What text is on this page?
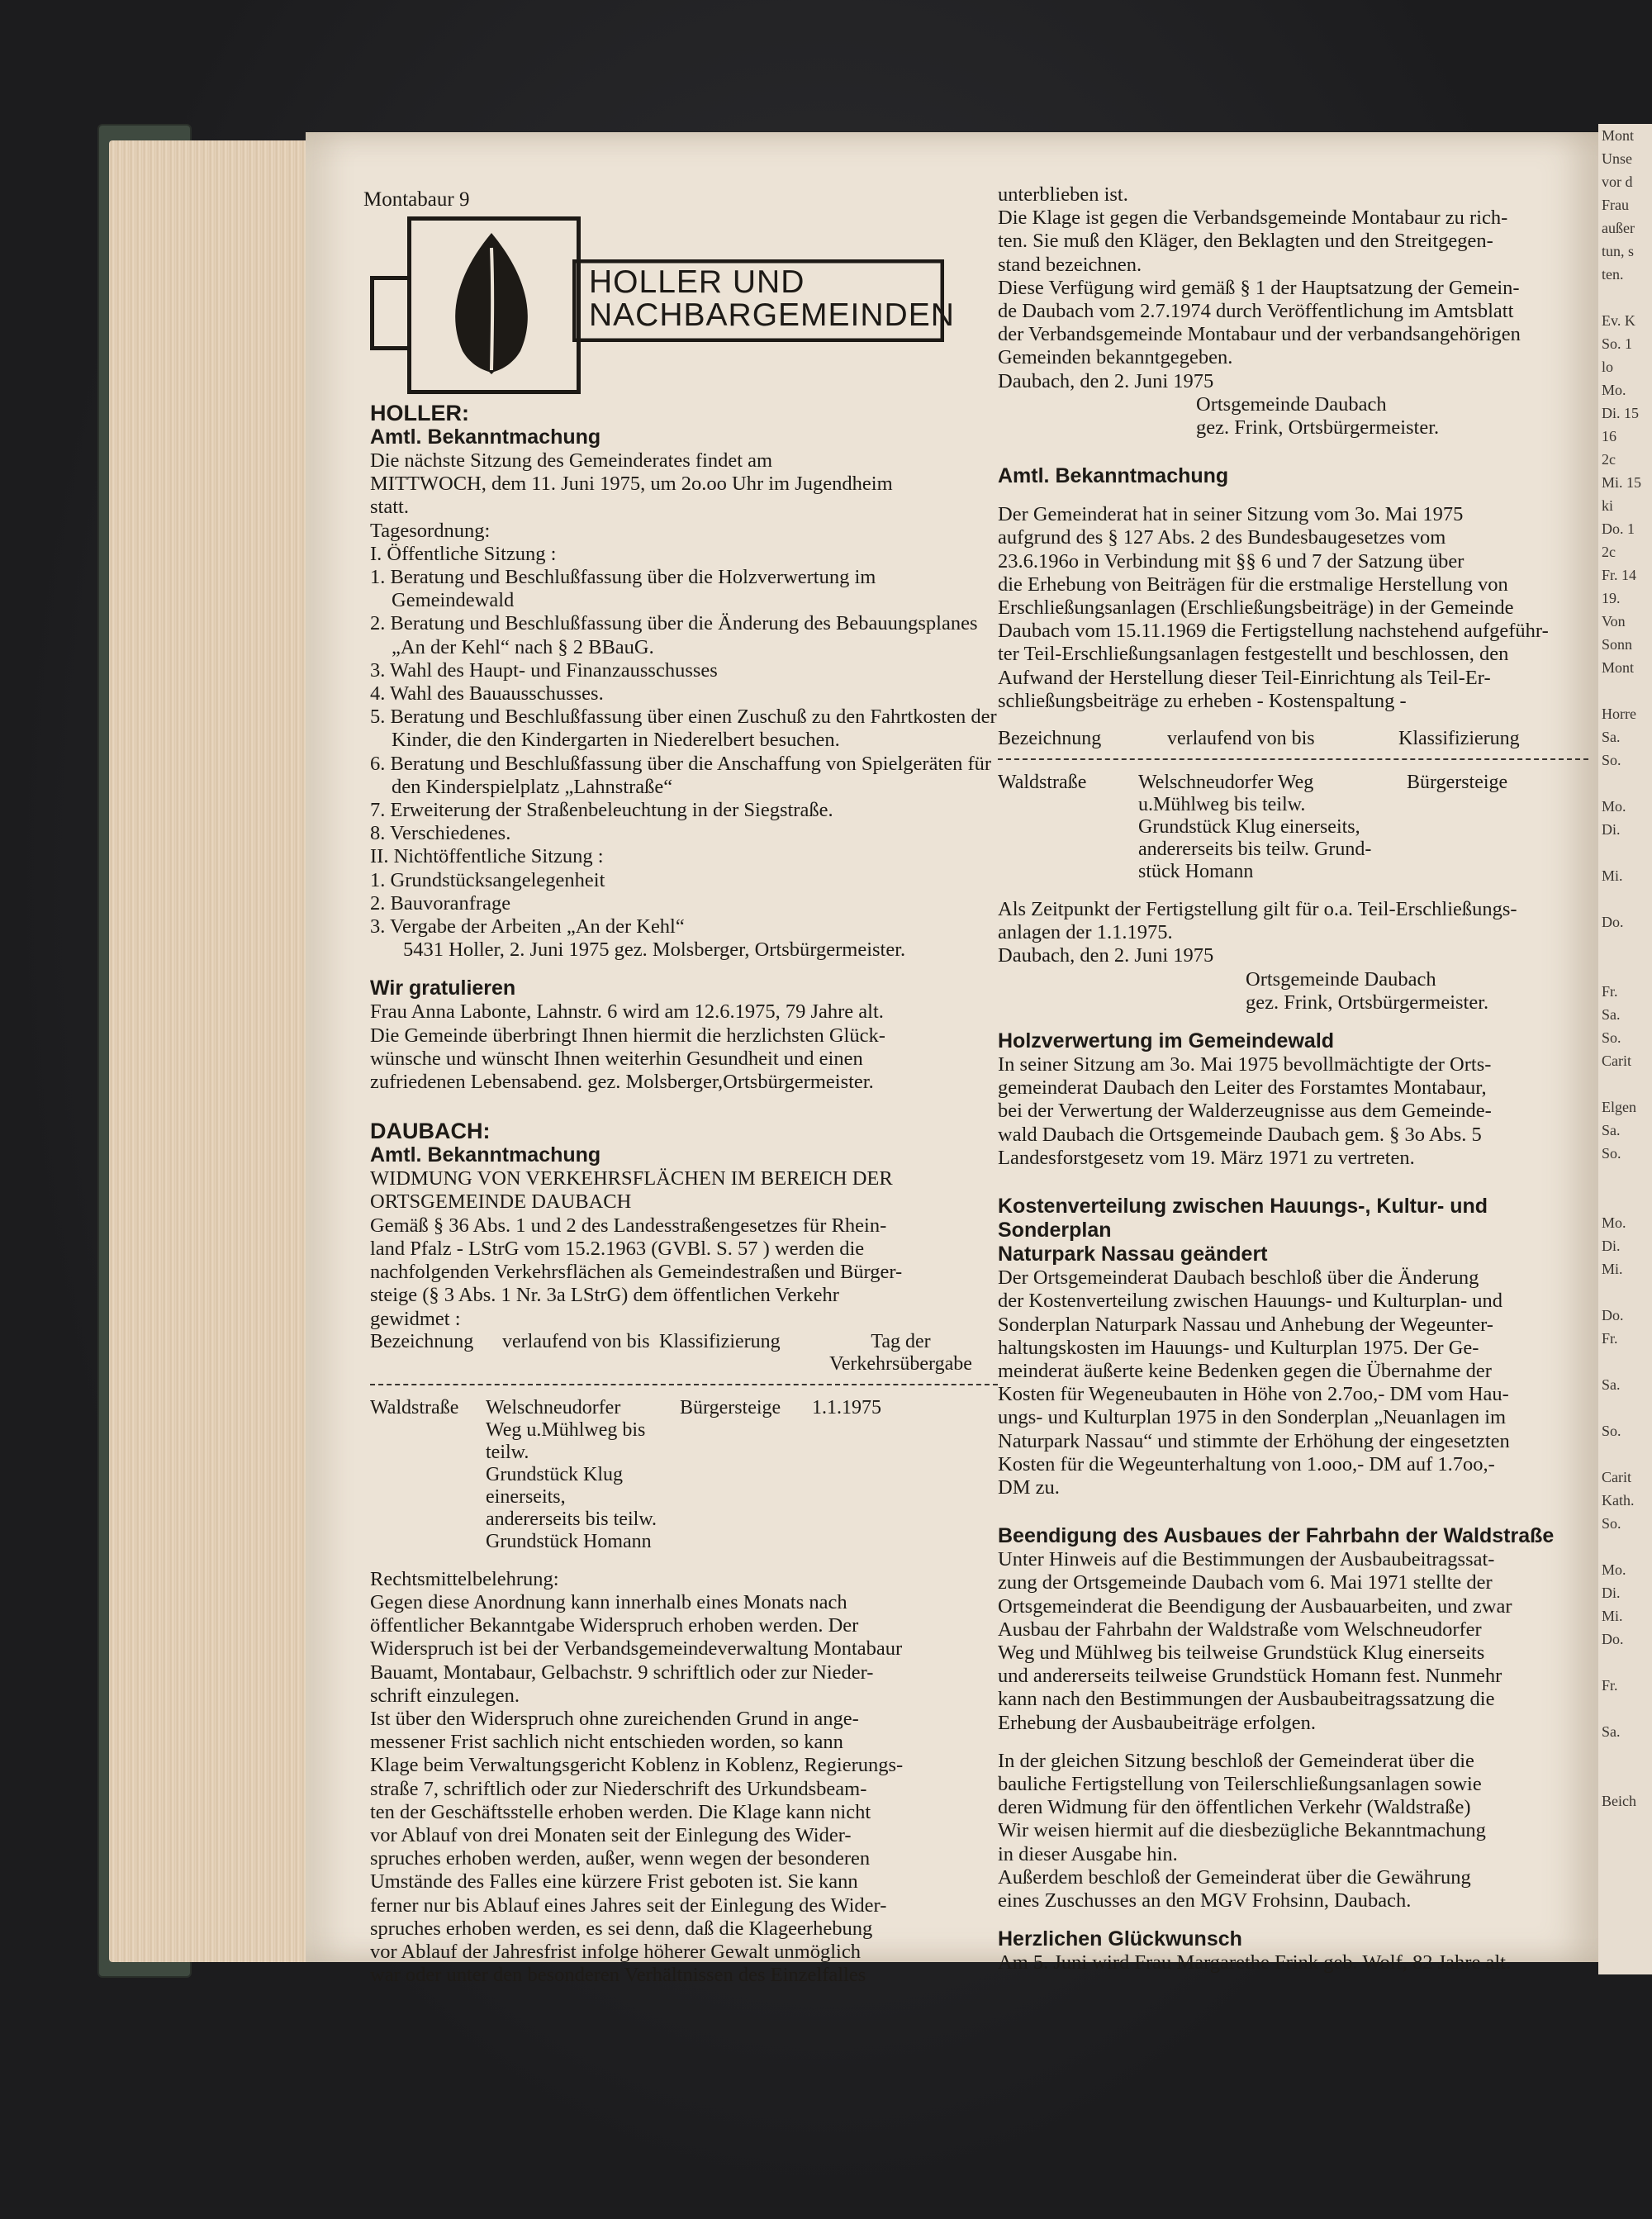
Mont
Unse
vor d
Frau
außer
tun, s
ten.

Ev. K
So. 1
lo
Mo.
Di. 15
16
2c
Mi. 15
ki
Do. 1
2c
Fr. 14
19.
Von
Sonn
Mont

Horre
Sa.
So.

Mo.
Di.

Mi.

Do.

Fr.
Sa.
So.
Carit

Elgen
Sa.
So.

Mo.
Di.
Mi.

Do.
Fr.

Sa.

So.

Carit
Kath.
So.

Mo.
Di.
Mi.
Do.

Fr.

Sa.

Beich
Montabaur 9
HOLLER UND
NACHBARGEMEINDEN

HOLLER:

Amtl. Bekanntmachung

Die nächste Sitzung des Gemeinderates findet am
MITTWOCH, dem 11. Juni 1975, um 2o.oo Uhr im Jugendheim
statt.

Tagesordnung:

I. Öffentliche Sitzung :

1. Beratung und Beschlußfassung über die Holzverwertung im Gemeindewald
2. Beratung und Beschlußfassung über die Änderung des Bebauungsplanes „An der Kehl“ nach § 2 BBauG.
3. Wahl des Haupt- und Finanzausschusses
4. Wahl des Bauausschusses.
5. Beratung und Beschlußfassung über einen Zuschuß zu den Fahrtkosten der Kinder, die den Kindergarten in Niederelbert besuchen.
6. Beratung und Beschlußfassung über die Anschaffung von Spielgeräten für den Kinderspielplatz „Lahnstraße“
7. Erweiterung der Straßenbeleuchtung in der Siegstraße.
8. Verschiedenes.

II. Nichtöffentliche Sitzung :

1. Grundstücksangelegenheit
2. Bauvoranfrage
3. Vergabe der Arbeiten „An der Kehl“

5431 Holler, 2. Juni 1975 gez. Molsberger, Ortsbürgermeister.

Wir gratulieren

Frau Anna Labonte, Lahnstr. 6 wird am 12.6.1975, 79 Jahre alt.
Die Gemeinde überbringt Ihnen hiermit die herzlichsten Glück-
wünsche und wünscht Ihnen weiterhin Gesundheit und einen
zufriedenen Lebensabend. gez. Molsberger,Ortsbürgermeister.

DAUBACH:

Amtl. Bekanntmachung

WIDMUNG VON VERKEHRSFLÄCHEN IM BEREICH DER
ORTSGEMEINDE DAUBACH
Gemäß § 36 Abs. 1 und 2 des Landesstraßengesetzes für Rhein-
land Pfalz - LStrG vom 15.2.1963 (GVBl. S. 57 ) werden die
nachfolgenden Verkehrsflächen als Gemeindestraßen und Bürger-
steige (§ 3 Abs. 1 Nr. 3a LStrG) dem öffentlichen Verkehr
gewidmet :
Bezeichnung	verlaufend von bis	Klassifizierung	Tag der Verkehrsübergabe
Waldstraße	Welschneudorfer
Weg u.Mühlweg bis teilw.
Grundstück Klug einerseits,
andererseits bis teilw.
Grundstück Homann
	Bürgersteige	1.1.1975

Rechtsmittelbelehrung:

Gegen diese Anordnung kann innerhalb eines Monats nach
öffentlicher Bekanntgabe Widerspruch erhoben werden. Der
Widerspruch ist bei der Verbandsgemeindeverwaltung Montabaur
Bauamt, Montabaur, Gelbachstr. 9 schriftlich oder zur Nieder-
schrift einzulegen.
Ist über den Widerspruch ohne zureichenden Grund in ange-
messener Frist sachlich nicht entschieden worden, so kann
Klage beim Verwaltungsgericht Koblenz in Koblenz, Regierungs-
straße 7, schriftlich oder zur Niederschrift des Urkundsbeam-
ten der Geschäftsstelle erhoben werden. Die Klage kann nicht
vor Ablauf von drei Monaten seit der Einlegung des Wider-
spruches erhoben werden, außer, wenn wegen der besonderen
Umstände des Falles eine kürzere Frist geboten ist. Sie kann
ferner nur bis Ablauf eines Jahres seit der Einlegung des Wider-
spruches erhoben werden, es sei denn, daß die Klageerhebung
vor Ablauf der Jahresfrist infolge höherer Gewalt unmöglich
war oder unter den besonderen Verhältnissen des Einzelfalles
unterblieben ist.
Die Klage ist gegen die Verbandsgemeinde Montabaur zu rich-
ten. Sie muß den Kläger, den Beklagten und den Streitgegen-
stand bezeichnen.
Diese Verfügung wird gemäß § 1 der Hauptsatzung der Gemein-
de Daubach vom 2.7.1974 durch Veröffentlichung im Amtsblatt
der Verbandsgemeinde Montabaur und der verbandsangehörigen
Gemeinden bekanntgegeben.
Daubach, den 2. Juni 1975
Ortsgemeinde Daubach
gez. Frink, Ortsbürgermeister.

Amtl. Bekanntmachung

Der Gemeinderat hat in seiner Sitzung vom 3o. Mai 1975
aufgrund des § 127 Abs. 2 des Bundesbaugesetzes vom
23.6.196o in Verbindung mit §§ 6 und 7 der Satzung über
die Erhebung von Beiträgen für die erstmalige Herstellung von
Erschließungsanlagen (Erschließungsbeiträge) in der Gemeinde
Daubach vom 15.11.1969 die Fertigstellung nachstehend aufgeführ-
ter Teil-Erschließungsanlagen festgestellt und beschlossen, den
Aufwand der Herstellung dieser Teil-Einrichtung als Teil-Er-
schließungsbeiträge zu erheben - Kostenspaltung -
Bezeichnung	verlaufend von bis	Klassifizierung
Waldstraße	Welschneudorfer Weg
u.Mühlweg bis teilw.
Grundstück Klug einerseits,
andererseits bis teilw. Grund-
stück Homann
	Bürgersteige
Als Zeitpunkt der Fertigstellung gilt für o.a. Teil-Erschließungs-
anlagen der 1.1.1975.
Daubach, den 2. Juni 1975
Ortsgemeinde Daubach
gez. Frink, Ortsbürgermeister.

Holzverwertung im Gemeindewald

In seiner Sitzung am 3o. Mai 1975 bevollmächtigte der Orts-
gemeinderat Daubach den Leiter des Forstamtes Montabaur,
bei der Verwertung der Walderzeugnisse aus dem Gemeinde-
wald Daubach die Ortsgemeinde Daubach gem. § 3o Abs. 5
Landesforstgesetz vom 19. März 1971 zu vertreten.
Kostenverteilung zwischen Hauungs-, Kultur- und Sonderplan
Naturpark Nassau geändert
Der Ortsgemeinderat Daubach beschloß über die Änderung
der Kostenverteilung zwischen Hauungs- und Kulturplan- und
Sonderplan Naturpark Nassau und Anhebung der Wegeunter-
haltungskosten im Hauungs- und Kulturplan 1975. Der Ge-
meinderat äußerte keine Bedenken gegen die Übernahme der
Kosten für Wegeneubauten in Höhe von 2.7oo,- DM vom Hau-
ungs- und Kulturplan 1975 in den Sonderplan „Neuanlagen im
Naturpark Nassau“ und stimmte der Erhöhung der eingesetzten
Kosten für die Wegeunterhaltung von 1.ooo,- DM auf 1.7oo,-
DM zu.

Beendigung des Ausbaues der Fahrbahn der Waldstraße

Unter Hinweis auf die Bestimmungen der Ausbaubeitragssat-
zung der Ortsgemeinde Daubach vom 6. Mai 1971 stellte der
Ortsgemeinderat die Beendigung der Ausbauarbeiten, und zwar
Ausbau der Fahrbahn der Waldstraße vom Welschneudorfer
Weg und Mühlweg bis teilweise Grundstück Klug einerseits
und andererseits teilweise Grundstück Homann fest. Nunmehr
kann nach den Bestimmungen der Ausbaubeitragssatzung die
Erhebung der Ausbaubeiträge erfolgen.
In der gleichen Sitzung beschloß der Gemeinderat über die
bauliche Fertigstellung von Teilerschließungsanlagen sowie
deren Widmung für den öffentlichen Verkehr (Waldstraße)
Wir weisen hiermit auf die diesbezügliche Bekanntmachung
in dieser Ausgabe hin.
Außerdem beschloß der Gemeinderat über die Gewährung
eines Zuschusses an den MGV Frohsinn, Daubach.

Herzlichen Glückwunsch

Am 5. Juni wird Frau Margarethe Frink geb. Wolf, 82 Jahre alt.
